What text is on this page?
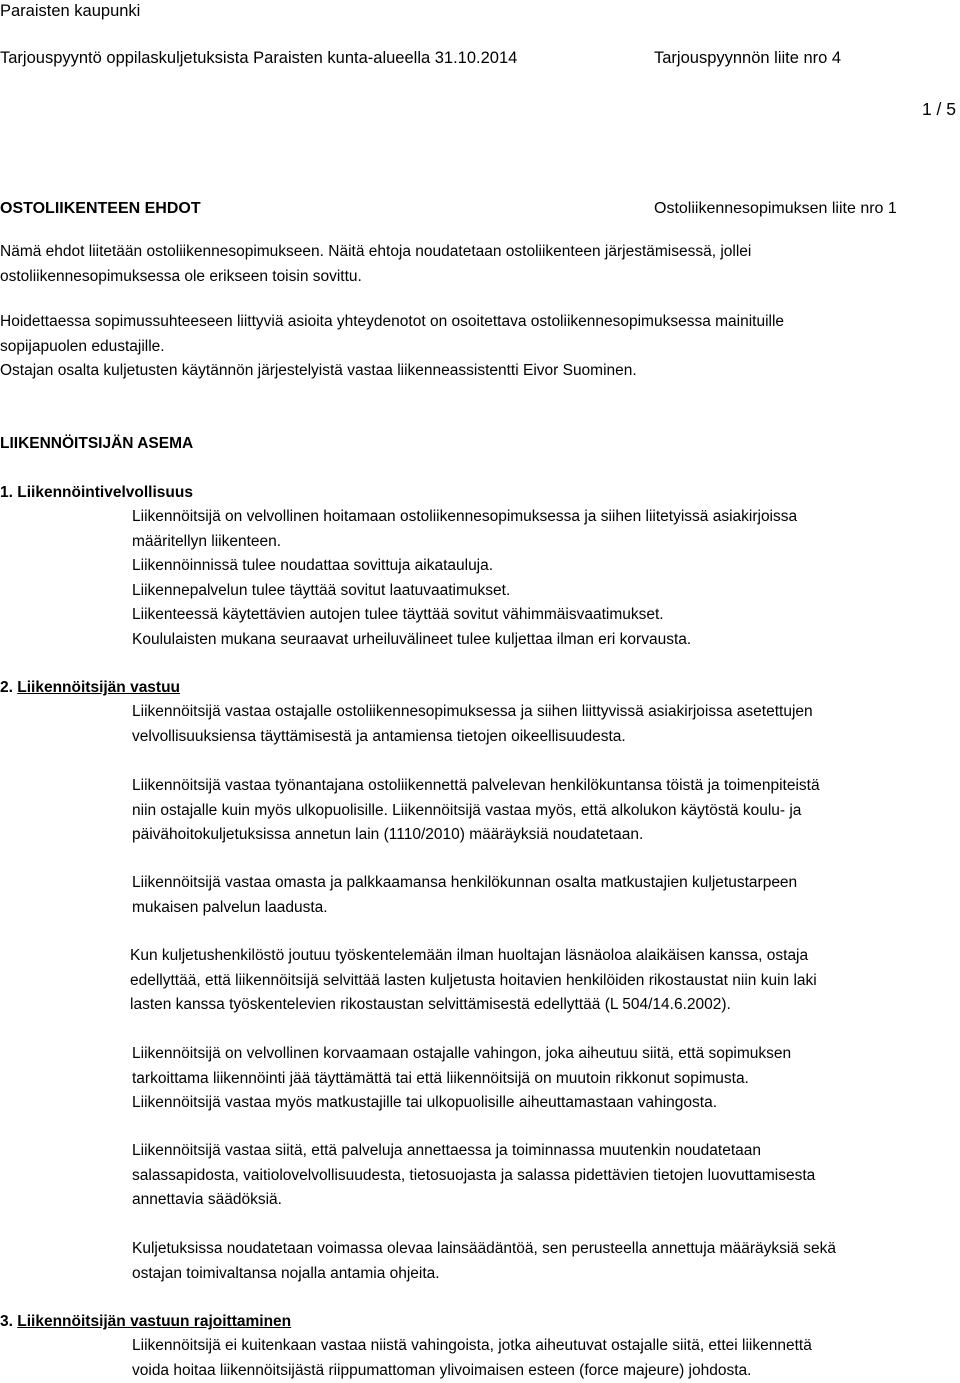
Paraisten kaupunki
Tarjouspyyntö oppilaskuljetuksista Paraisten kunta-alueella 31.10.2014	Tarjouspyynnön liite nro 4
1 / 5
OSTOLIIKENTEEN EHDOT	Ostoliikennesopimuksen liite nro 1
Nämä ehdot liitetään ostoliikennesopimukseen. Näitä ehtoja noudatetaan ostoliikenteen järjestämisessä, jollei
ostoliikennesopimuksessa ole erikseen toisin sovittu.
Hoidettaessa sopimussuhteeseen liittyviä asioita yhteydenotot on osoitettava ostoliikennesopimuksessa mainituille
sopijapuolen edustajille.
Ostajan osalta kuljetusten käytännön järjestelyistä vastaa liikenneassistentti Eivor Suominen.
LIIKENNÖITSIJÄN ASEMA
1. Liikennöintivelvollisuus
Liikennöitsijä on velvollinen hoitamaan ostoliikennesopimuksessa ja siihen liitetyissä asiakirjoissa
määritellyn liikenteen.
Liikennöinnissä tulee noudattaa sovittuja aikatauluja.
Liikennepalvelun tulee täyttää sovitut laatuvaatimukset.
Liikenteessä käytettävien autojen tulee täyttää sovitut vähimmäisvaatimukset.
Koululaisten mukana seuraavat urheiluvälineet tulee kuljettaa ilman eri korvausta.
2. Liikennöitsijän vastuu
Liikennöitsijä vastaa ostajalle ostoliikennesopimuksessa ja siihen liittyvissä asiakirjoissa asetettujen
velvollisuuksiensa täyttämisestä ja antamiensa tietojen oikeellisuudesta.
Liikennöitsijä vastaa työnantajana ostoliikennettä palvelevan henkilökuntansa töistä ja toimenpiteistä
niin ostajalle kuin myös ulkopuolisille. Liikennöitsijä vastaa myös, että alkolukon käytöstä koulu- ja
päivähoitokuljetuksissa annetun lain (1110/2010) määräyksiä noudatetaan.
Liikennöitsijä vastaa omasta ja palkkaamansa henkilökunnan osalta matkustajien kuljetustarpeen
mukaisen palvelun laadusta.
Kun kuljetushenkilöstö joutuu työskentelemään ilman huoltajan läsnäoloa alaikäisen kanssa, ostaja
edellyttää, että liikennöitsijä selvittää lasten kuljetusta hoitavien henkilöiden rikostaustat niin kuin laki
lasten kanssa työskentelevien rikostaustan selvittämisestä edellyttää (L 504/14.6.2002).
Liikennöitsijä on velvollinen korvaamaan ostajalle vahingon, joka aiheutuu siitä, että sopimuksen
tarkoittama liikennöinti jää täyttämättä tai että liikennöitsijä on muutoin rikkonut sopimusta.
Liikennöitsijä vastaa myös matkustajille tai ulkopuolisille aiheuttamastaan vahingosta.
Liikennöitsijä vastaa siitä, että palveluja annettaessa ja toiminnassa muutenkin noudatetaan
salassapidosta, vaitiolovelvollisuudesta, tietosuojasta ja salassa pidettävien tietojen luovuttamisesta
annettavia säädöksiä.
Kuljetuksissa noudatetaan voimassa olevaa lainsäädäntöä, sen perusteella annettuja määräyksiä sekä
ostajan toimivaltansa nojalla antamia ohjeita.
3. Liikennöitsijän vastuun rajoittaminen
Liikennöitsijä ei kuitenkaan vastaa niistä vahingoista, jotka aiheutuvat ostajalle siitä, ettei liikennettä
voida hoitaa liikennöitsijästä riippumattoman ylivoimaisen esteen (force majeure) johdosta.
